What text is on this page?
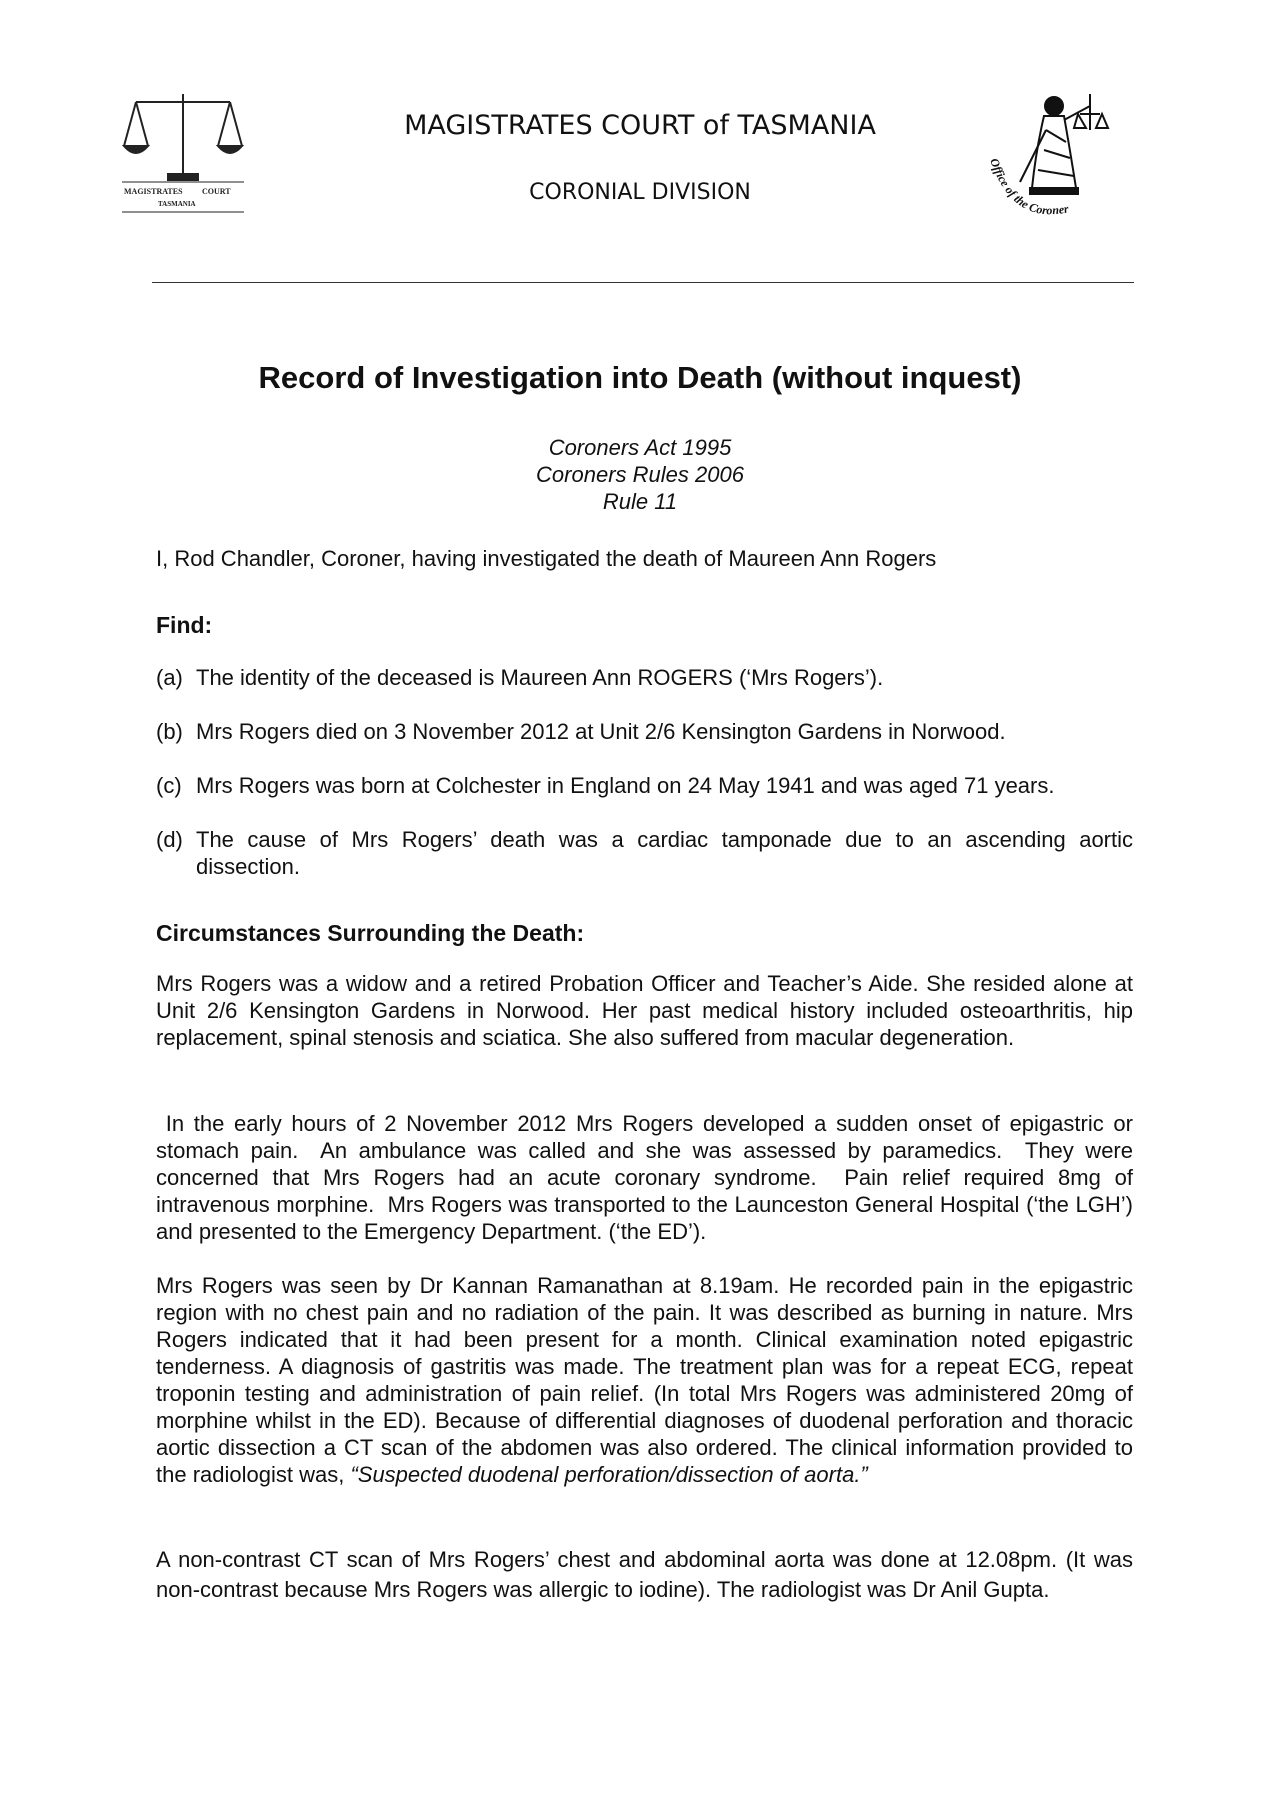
MAGISTRATES COURT
TASMANIA
MAGISTRATES COURT of TASMANIA
CORONIAL DIVISION
Office of the Coroner
Record of Investigation into Death (without inquest)
Coroners Act 1995
Coroners Rules 2006
Rule 11
I, Rod Chandler, Coroner, having investigated the death of Maureen Ann Rogers
Find:
(a) The identity of the deceased is Maureen Ann ROGERS (‘Mrs Rogers’).
(b) Mrs Rogers died on 3 November 2012 at Unit 2/6 Kensington Gardens in Norwood.
(c) Mrs Rogers was born at Colchester in England on 24 May 1941 and was aged 71 years.
(d) The cause of Mrs Rogers’ death was a cardiac tamponade due to an ascending aortic dissection.
Circumstances Surrounding the Death:
Mrs Rogers was a widow and a retired Probation Officer and Teacher’s Aide. She resided alone at Unit 2/6 Kensington Gardens in Norwood. Her past medical history included osteoarthritis, hip replacement, spinal stenosis and sciatica. She also suffered from macular degeneration.
In the early hours of 2 November 2012 Mrs Rogers developed a sudden onset of epigastric or stomach pain.  An ambulance was called and she was assessed by paramedics.  They were concerned that Mrs Rogers had an acute coronary syndrome.  Pain relief required 8mg of intravenous morphine.  Mrs Rogers was transported to the Launceston General Hospital (‘the LGH’) and presented to the Emergency Department. (‘the ED’).
Mrs Rogers was seen by Dr Kannan Ramanathan at 8.19am. He recorded pain in the epigastric region with no chest pain and no radiation of the pain. It was described as burning in nature. Mrs Rogers indicated that it had been present for a month. Clinical examination noted epigastric tenderness. A diagnosis of gastritis was made. The treatment plan was for a repeat ECG, repeat troponin testing and administration of pain relief. (In total Mrs Rogers was administered 20mg of morphine whilst in the ED). Because of differential diagnoses of duodenal perforation and thoracic aortic dissection a CT scan of the abdomen was also ordered. The clinical information provided to the radiologist was, “Suspected duodenal perforation/dissection of aorta.”
A non-contrast CT scan of Mrs Rogers’ chest and abdominal aorta was done at 12.08pm. (It was non-contrast because Mrs Rogers was allergic to iodine). The radiologist was Dr Anil Gupta.
